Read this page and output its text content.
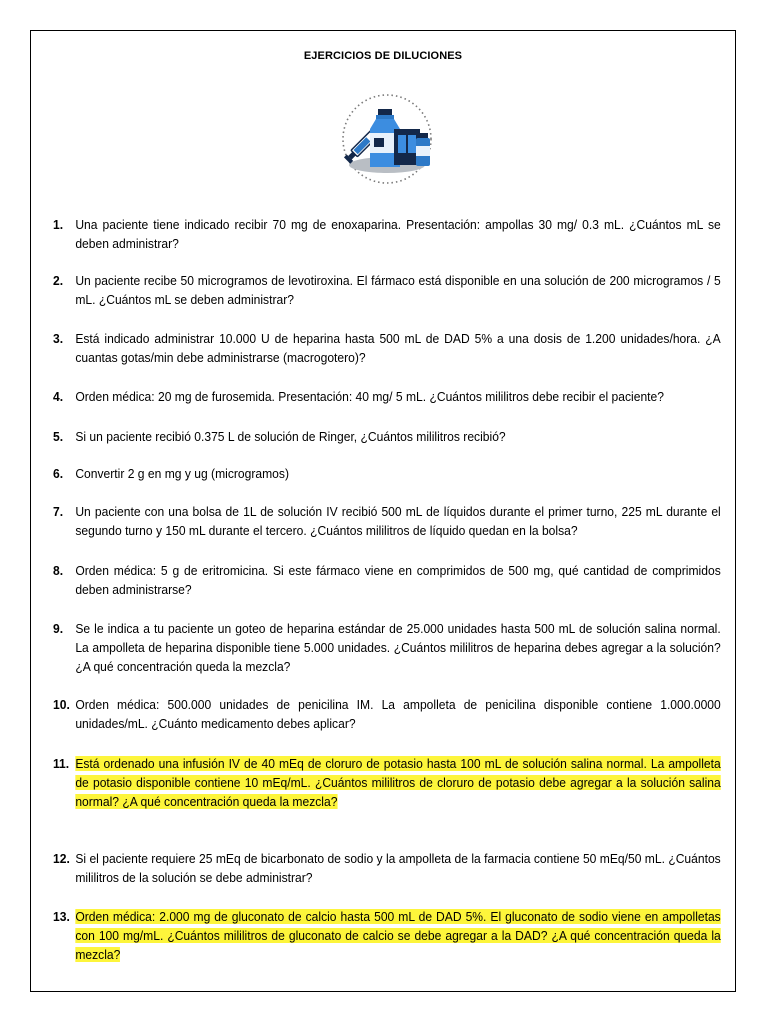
EJERCICIOS DE DILUCIONES
1. Una paciente tiene indicado recibir 70 mg de enoxaparina. Presentación: ampollas 30 mg/ 0.3 mL. ¿Cuántos mL se deben administrar?
2. Un paciente recibe 50 microgramos de levotiroxina. El fármaco está disponible en una solución de 200 microgramos / 5 mL. ¿Cuántos mL se deben administrar?
3. Está indicado administrar 10.000 U de heparina hasta 500 mL de DAD 5% a una dosis de 1.200 unidades/hora. ¿A cuantas gotas/min debe administrarse (macrogotero)?
4. Orden médica: 20 mg de furosemida. Presentación: 40 mg/ 5 mL. ¿Cuántos mililitros debe recibir el paciente?
5. Si un paciente recibió 0.375 L de solución de Ringer, ¿Cuántos mililitros recibió?
6. Convertir 2 g en mg y ug (microgramos)
7. Un paciente con una bolsa de 1L de solución IV recibió 500 mL de líquidos durante el primer turno, 225 mL durante el segundo turno y 150 mL durante el tercero. ¿Cuántos mililitros de líquido quedan en la bolsa?
8. Orden médica: 5 g de eritromicina. Si este fármaco viene en comprimidos de 500 mg, qué cantidad de comprimidos deben administrarse?
9. Se le indica a tu paciente un goteo de heparina estándar de 25.000 unidades hasta 500 mL de solución salina normal. La ampolleta de heparina disponible tiene 5.000 unidades. ¿Cuántos mililitros de heparina debes agregar a la solución? ¿A qué concentración queda la mezcla?
10. Orden médica: 500.000 unidades de penicilina IM. La ampolleta de penicilina disponible contiene 1.000.0000 unidades/mL. ¿Cuánto medicamento debes aplicar?
11. Está ordenado una infusión IV de 40 mEq de cloruro de potasio hasta 100 mL de solución salina normal. La ampolleta de potasio disponible contiene 10 mEq/mL. ¿Cuántos mililitros de cloruro de potasio debe agregar a la solución salina normal? ¿A qué concentración queda la mezcla?
12. Si el paciente requiere 25 mEq de bicarbonato de sodio y la ampolleta de la farmacia contiene 50 mEq/50 mL. ¿Cuántos mililitros de la solución se debe administrar?
13. Orden médica: 2.000 mg de gluconato de calcio hasta 500 mL de DAD 5%. El gluconato de sodio viene en ampolletas con 100 mg/mL. ¿Cuántos mililitros de gluconato de calcio se debe agregar a la DAD? ¿A qué concentración queda la mezcla?
